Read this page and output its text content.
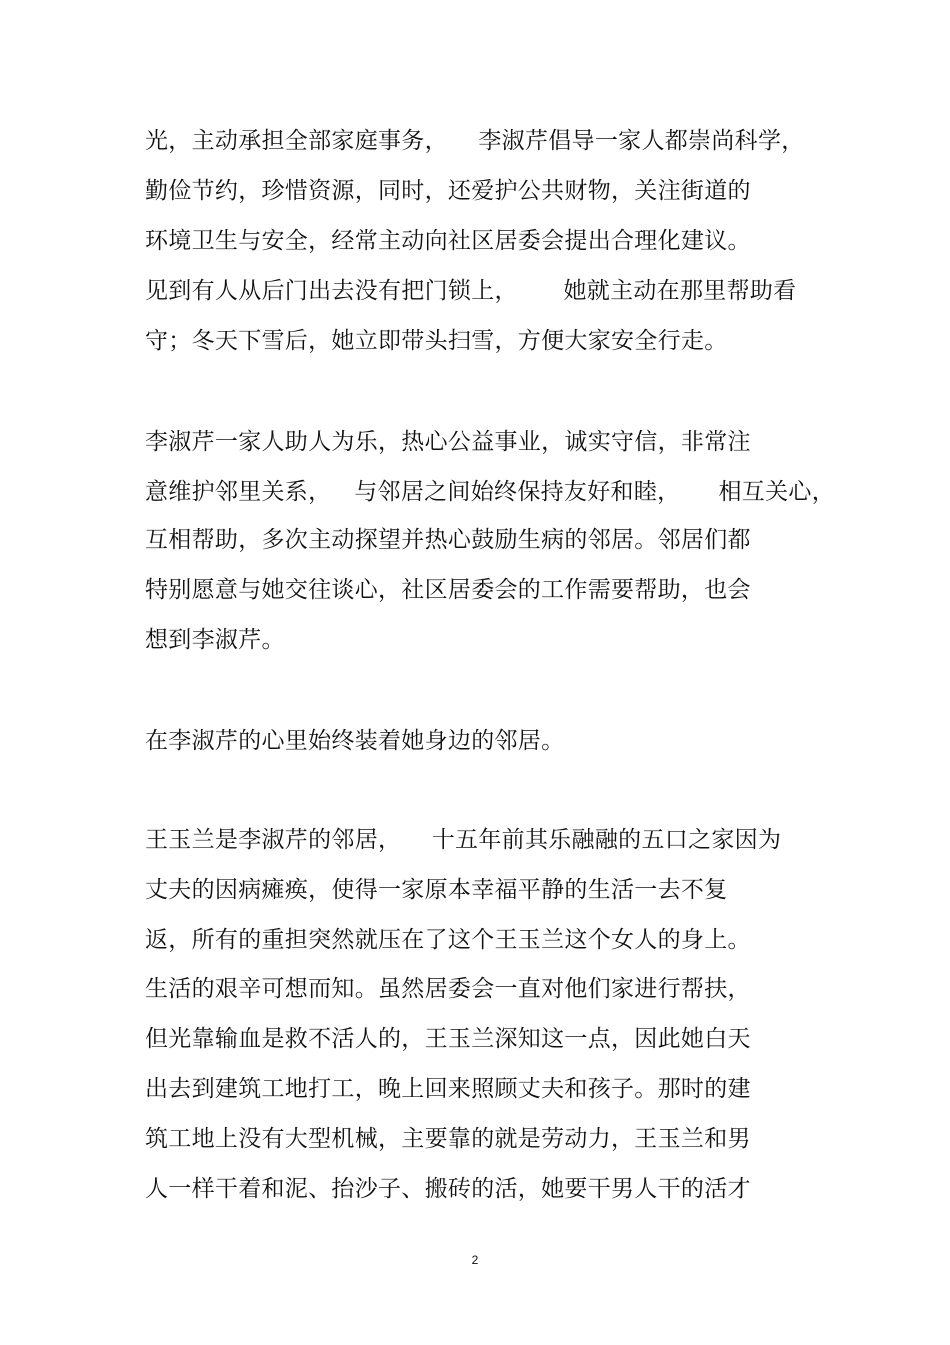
光，主动承担全部家庭事务，    李淑芹倡导一家人都崇尚科学，
勤俭节约，珍惜资源，同时，还爱护公共财物，关注街道的
环境卫生与安全，经常主动向社区居委会提出合理化建议。
见到有人从后门出去没有把门锁上，      她就主动在那里帮助看
守；冬天下雪后，她立即带头扫雪，方便大家安全行走。
李淑芹一家人助人为乐，热心公益事业，诚实守信，非常注
意维护邻里关系，   与邻居之间始终保持友好和睦，     相互关心，
互相帮助，多次主动探望并热心鼓励生病的邻居。邻居们都
特别愿意与她交往谈心，社区居委会的工作需要帮助，也会
想到李淑芹。
在李淑芹的心里始终装着她身边的邻居。
王玉兰是李淑芹的邻居，    十五年前其乐融融的五口之家因为
丈夫的因病瘫痪，使得一家原本幸福平静的生活一去不复
返，所有的重担突然就压在了这个王玉兰这个女人的身上。
生活的艰辛可想而知。虽然居委会一直对他们家进行帮扶，
但光靠输血是救不活人的，王玉兰深知这一点，因此她白天
出去到建筑工地打工，晚上回来照顾丈夫和孩子。那时的建
筑工地上没有大型机械，主要靠的就是劳动力，王玉兰和男
人一样干着和泥、抬沙子、搬砖的活，她要干男人干的活才
2
